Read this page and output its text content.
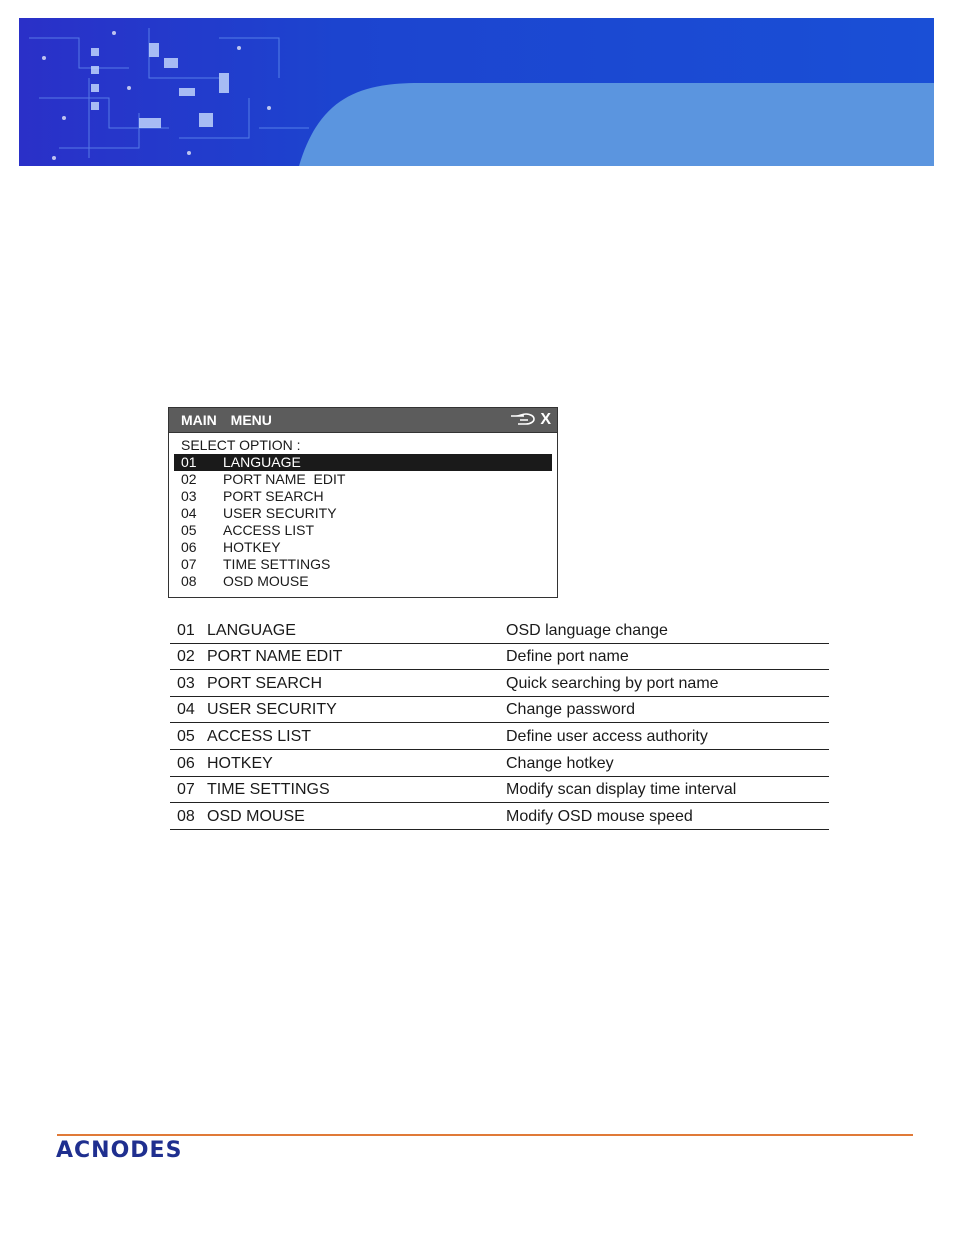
MAIN MENU	X
SELECT OPTION :
01	LANGUAGE
02	PORT NAME  EDIT
03	PORT SEARCH
04	USER SECURITY
05	ACCESS LIST
06	HOTKEY
07	TIME SETTINGS
08	OSD MOUSE
01 LANGUAGE	OSD language change
02 PORT NAME EDIT	Define port name
03 PORT SEARCH	Quick searching by port name
04 USER SECURITY	Change password
05 ACCESS LIST	Define user access authority
06 HOTKEY	Change hotkey
07 TIME SETTINGS	Modify scan display time interval
08 OSD MOUSE	Modify OSD mouse speed
ACNODES
